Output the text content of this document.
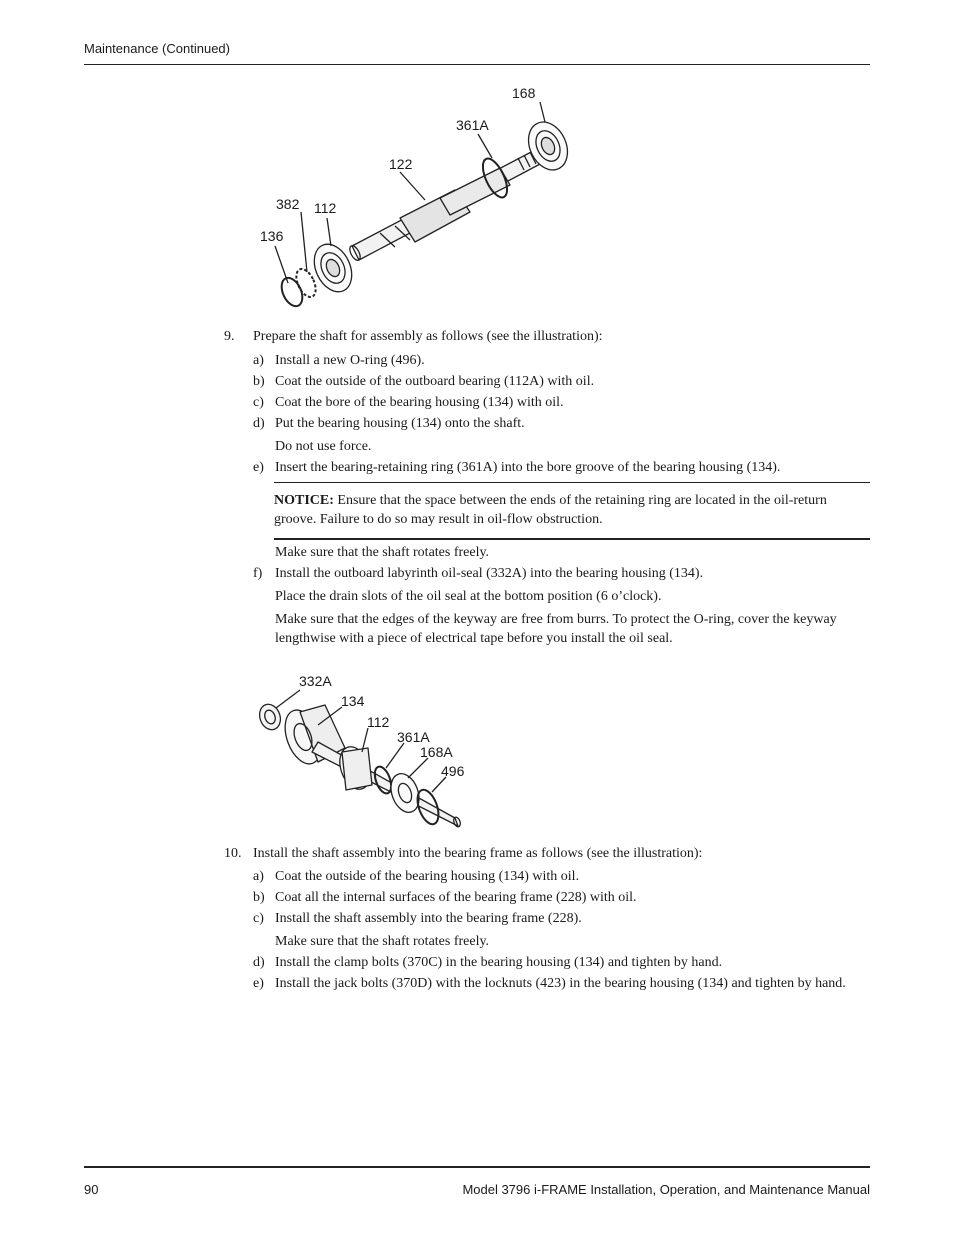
Maintenance (Continued)
168
361A
122
382 112
136
9. Prepare the shaft for assembly as follows (see the illustration):
a) Install a new O-ring (496).
b) Coat the outside of the outboard bearing (112A) with oil.
c) Coat the bore of the bearing housing (134) with oil.
d) Put the bearing housing (134) onto the shaft.
Do not use force.
e) Insert the bearing-retaining ring (361A) into the bore groove of the bearing housing (134).
NOTICE: Ensure that the space between the ends of the retaining ring are located in the oil-return groove. Failure to do so may result in oil-flow obstruction.
Make sure that the shaft rotates freely.
f) Install the outboard labyrinth oil-seal (332A) into the bearing housing (134).
Place the drain slots of the oil seal at the bottom position (6 o’clock).
Make sure that the edges of the keyway are free from burrs. To protect the O-ring, cover the keyway lengthwise with a piece of electrical tape before you install the oil seal.
332A
134
112
361A
168A
496
10. Install the shaft assembly into the bearing frame as follows (see the illustration):
a) Coat the outside of the bearing housing (134) with oil.
b) Coat all the internal surfaces of the bearing frame (228) with oil.
c) Install the shaft assembly into the bearing frame (228).
Make sure that the shaft rotates freely.
d) Install the clamp bolts (370C) in the bearing housing (134) and tighten by hand.
e) Install the jack bolts (370D) with the locknuts (423) in the bearing housing (134) and tighten by hand.
90	Model 3796 i-FRAME Installation, Operation, and Maintenance Manual
